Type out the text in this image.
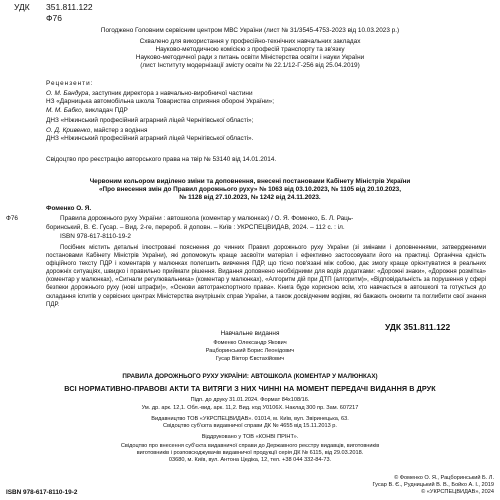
УДК 351.811.122
Ф76
Погоджено Головним сервісним центром МВС України (лист № 31/3545-4753-2023 від 10.03.2023 р.)
Схвалено для використання у професійно-технічних навчальних закладах
Науково-методичною комісією з професій транспорту та зв'язку
Науково-методичної ради з питань освіти Міністерства освіти і науки України
(лист Інституту модернізації змісту освіти № 22.1/12-Г-256 від 25.04.2019)
Рецензенти:
О. М. Бандура, заступник директора з навчально-виробничої частини
НЗ «Дарницька автомобільна школа Товариства сприяння обороні України»;
М. М. Бабко, викладач ПДР
ДНЗ «Ніжинський професійний аграрний ліцей Чернігівської області»;
О. Д. Кривенко, майстер з водіння
ДНЗ «Ніжинський професійний аграрний ліцей Чернігівської області».
Свідоцтво про реєстрацію авторського права на твір № 53140 від 14.01.2014.
Червоним кольором виділено зміни та доповнення, внесені постановами Кабінету Міністрів України
«Про внесення змін до Правил дорожнього руху» № 1063 від 03.10.2023, № 1105 від 20.10.2023,
№ 1128 від 27.10.2023, № 1242 від 24.11.2023.
Ф76
Фоменко О. Я.
Правила дорожнього руху України : автошкола (коментар у малюнках) / О. Я. Фоменко, Б. Л. Раць-
боринський, В. Є. Гусар. – Вид. 2-ге, перероб. й доповн. – Київ : УКРСПЕЦВИДАВ, 2024. – 112 с. : іл.
ISBN 978-617-8110-19-2
Посібник містить детальні ілюстровані пояснення до чинних Правил дорожнього руху України (зі змінами і доповненнями, затвердженими постановами Кабінету Міністрів України), які допоможуть краще засвоїти матеріал і ефективно застосовувати його на практиці. Органічна єдність офіційного тексту ПДР і коментарів у малюнках полегшить вивчення ПДР, що тісно пов'язані між собою, дає змогу краще орієнтуватися в реальних дорожніх ситуаціях, швидко і правильно приймати рішення. Видання доповнено необхідними для водія додатками: «Дорожні знаки», «Дорожня розмітка» (коментар у малюнках), «Сигнали регулювальника» (коментар у малюнках), «Алгоритм дій при ДТП (алгоритм)», «Відповідальність за порушення у сфері безпеки дорожнього руху (нові штрафи)», «Основи автотранспортного права». Книга буде корисною всім, хто навчається в автошколі та готується до складання іспитів у сервісних центрах Міністерства внутрішніх справ України, а також досвідченим водіям, які бажають оновити та поглибити свої знання ПДР.
УДК 351.811.122
Навчальне видання
Фоменко Олександр Якович
Рацборинський Борис Леонідович
Гусар Віктор Євстахійович
ПРАВИЛА ДОРОЖНЬОГО РУХУ УКРАЇНИ: АВТОШКОЛА (КОМЕНТАР У МАЛЮНКАХ)
ВСІ НОРМАТИВНО-ПРАВОВІ АКТИ ТА ВИТЯГИ З НИХ ЧИННІ НА МОМЕНТ ПЕРЕДАЧІ ВИДАННЯ В ДРУК
Підп. до друку 31.01.2024. Формат 84х108/16.
Ум. др. арк. 12,1. Обл.-вид. арк. 11,2. Вид. код У0106Х. Наклад 300 пр. Зам. 607217
Видавництво ТОВ «УКРСПЕЦВИДАВ». 01014, м. Київ, вул. Звіринецька, 63.
Свідоцтво суб'єкта видавничої справи ДК № 4655 від 15.11.2013 р.
Віддруковано у ТОВ «КОНВІ ПРІНТ».
Свідоцтво про внесення суб'єкта видавничої справи до Державного реєстру видавців, виготовників
виготовників і розповсюджувачів видавничої продукції серія ДК № 6115, від 29.03.2018.
03680, м. Київ, вул. Антона Цедіка, 12, тел. +38 044 332-84-73.
ISBN 978-617-8110-19-2
© Фоменко О. Я., Рацборинський Б. Л.
Гусар В. Є., Рудницький В. В., Бойко А. І., 2019
© «УКРСПЕЦВИДАВ», 2024
